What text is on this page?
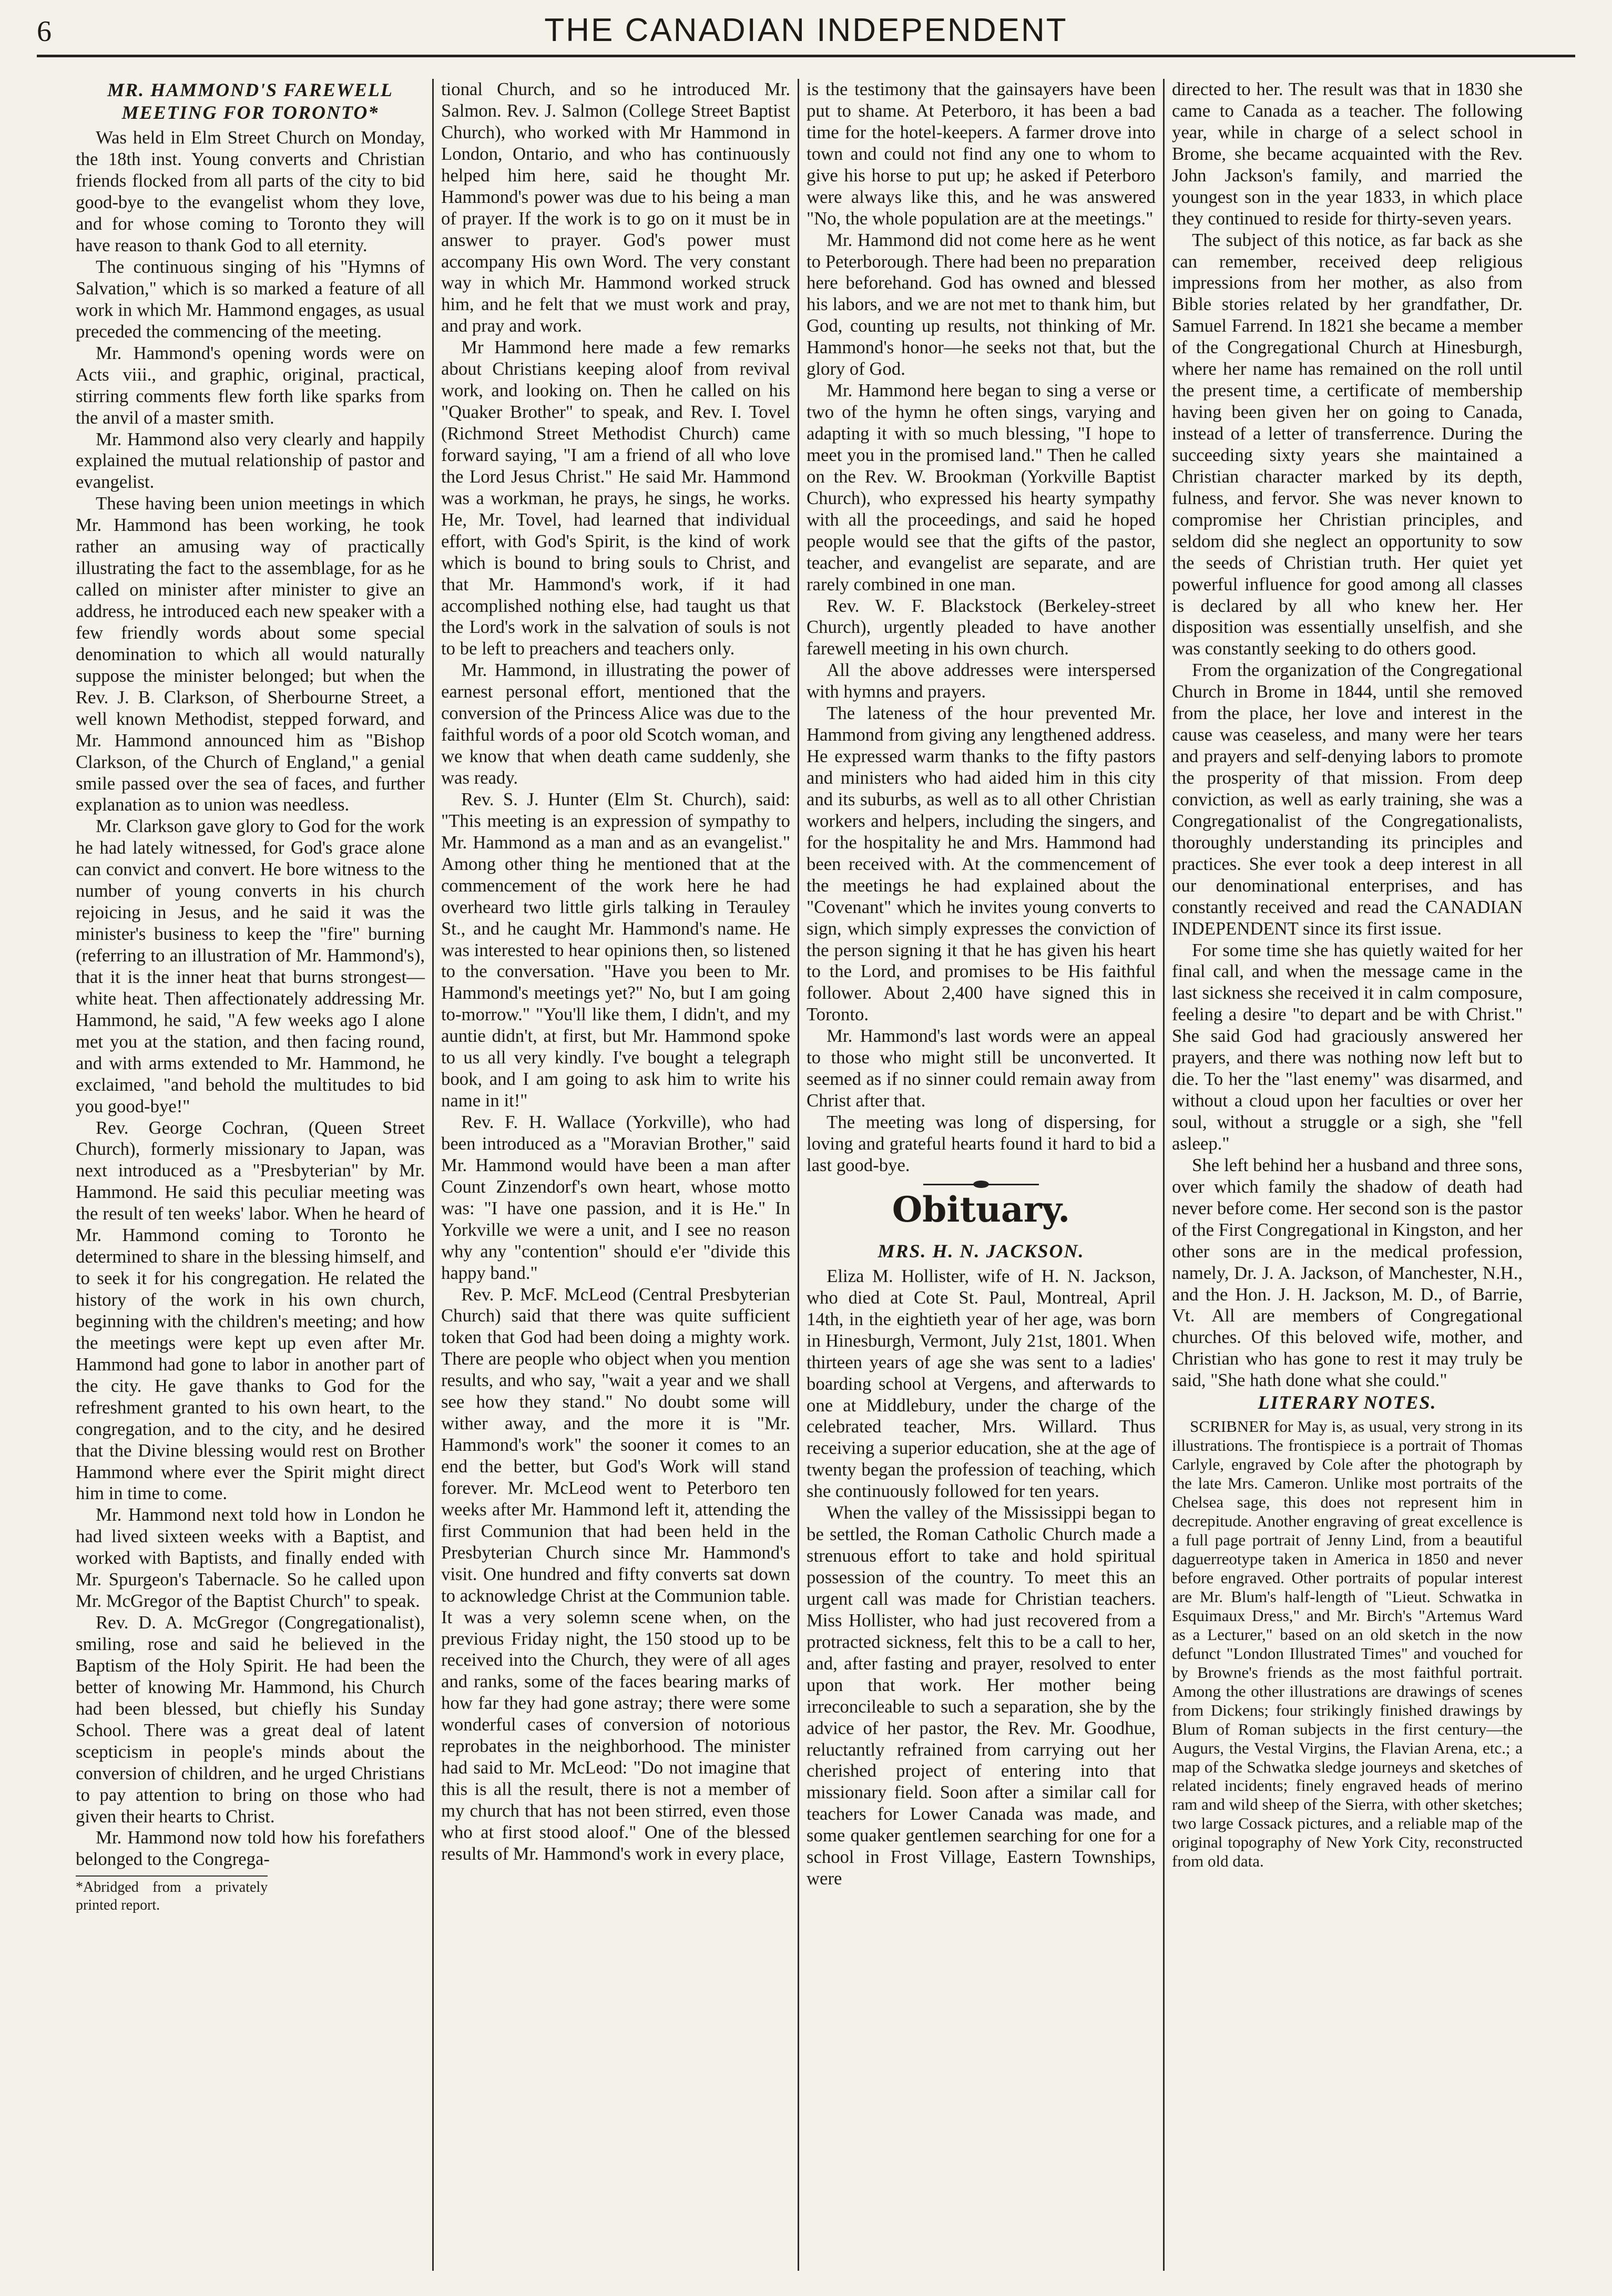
6	THE CANADIAN INDEPENDENT
MR. HAMMOND'S FAREWELL MEETING FOR TORONTO*

Was held in Elm Street Church on Monday, the 18th inst. Young converts and Christian friends flocked from all parts of the city to bid good-bye to the evangelist whom they love, and for whose coming to Toronto they will have reason to thank God to all eternity.

The continuous singing of his "Hymns of Salvation," which is so marked a feature of all work in which Mr. Hammond engages, as usual preceded the commencing of the meeting.

Mr. Hammond's opening words were on Acts viii., and graphic, original, practical, stirring comments flew forth like sparks from the anvil of a master smith.

Mr. Hammond also very clearly and happily explained the mutual relationship of pastor and evangelist.

These having been union meetings in which Mr. Hammond has been working, he took rather an amusing way of practically illustrating the fact to the assemblage, for as he called on minister after minister to give an address, he introduced each new speaker with a few friendly words about some special denomination to which all would naturally suppose the minister belonged; but when the Rev. J. B. Clarkson, of Sherbourne Street, a well known Methodist, stepped forward, and Mr. Hammond announced him as "Bishop Clarkson, of the Church of England," a genial smile passed over the sea of faces, and further explanation as to union was needless.

Mr. Clarkson gave glory to God for the work he had lately witnessed, for God's grace alone can convict and convert. He bore witness to the number of young converts in his church rejoicing in Jesus, and he said it was the minister's business to keep the "fire" burning (referring to an illustration of Mr. Hammond's), that it is the inner heat that burns strongest—white heat. Then affectionately addressing Mr. Hammond, he said, "A few weeks ago I alone met you at the station, and then facing round, and with arms extended to Mr. Hammond, he exclaimed, "and behold the multitudes to bid you good-bye!"

Rev. George Cochran, (Queen Street Church), formerly missionary to Japan, was next introduced as a "Presbyterian" by Mr. Hammond. He said this peculiar meeting was the result of ten weeks' labor. When he heard of Mr. Hammond coming to Toronto he determined to share in the blessing himself, and to seek it for his congregation. He related the history of the work in his own church, beginning with the children's meeting; and how the meetings were kept up even after Mr. Hammond had gone to labor in another part of the city. He gave thanks to God for the refreshment granted to his own heart, to the congregation, and to the city, and he desired that the Divine blessing would rest on Brother Hammond where ever the Spirit might direct him in time to come.

Mr. Hammond next told how in London he had lived sixteen weeks with a Baptist, and worked with Baptists, and finally ended with Mr. Spurgeon's Tabernacle. So he called upon Mr. McGregor of the Baptist Church" to speak.

Rev. D. A. McGregor (Congregationalist), smiling, rose and said he believed in the Baptism of the Holy Spirit. He had been the better of knowing Mr. Hammond, his Church had been blessed, but chiefly his Sunday School. There was a great deal of latent scepticism in people's minds about the conversion of children, and he urged Christians to pay attention to bring on those who had given their hearts to Christ.

Mr. Hammond now told how his forefathers belonged to the Congrega-

*Abridged from a privately printed report.

tional Church, and so he introduced Mr. Salmon. Rev. J. Salmon (College Street Baptist Church), who worked with Mr Hammond in London, Ontario, and who has continuously helped him here, said he thought Mr. Hammond's power was due to his being a man of prayer. If the work is to go on it must be in answer to prayer. God's power must accompany His own Word. The very constant way in which Mr. Hammond worked struck him, and he felt that we must work and pray, and pray and work.

Mr Hammond here made a few remarks about Christians keeping aloof from revival work, and looking on. Then he called on his "Quaker Brother" to speak, and Rev. I. Tovel (Richmond Street Methodist Church) came forward saying, "I am a friend of all who love the Lord Jesus Christ." He said Mr. Hammond was a workman, he prays, he sings, he works. He, Mr. Tovel, had learned that individual effort, with God's Spirit, is the kind of work which is bound to bring souls to Christ, and that Mr. Hammond's work, if it had accomplished nothing else, had taught us that the Lord's work in the salvation of souls is not to be left to preachers and teachers only.

Mr. Hammond, in illustrating the power of earnest personal effort, mentioned that the conversion of the Princess Alice was due to the faithful words of a poor old Scotch woman, and we know that when death came suddenly, she was ready.

Rev. S. J. Hunter (Elm St. Church), said: "This meeting is an expression of sympathy to Mr. Hammond as a man and as an evangelist." Among other thing he mentioned that at the commencement of the work here he had overheard two little girls talking in Terauley St., and he caught Mr. Hammond's name. He was interested to hear opinions then, so listened to the conversation. "Have you been to Mr. Hammond's meetings yet?" No, but I am going to-morrow." "You'll like them, I didn't, and my auntie didn't, at first, but Mr. Hammond spoke to us all very kindly. I've bought a telegraph book, and I am going to ask him to write his name in it!"

Rev. F. H. Wallace (Yorkville), who had been introduced as a "Moravian Brother," said Mr. Hammond would have been a man after Count Zinzendorf's own heart, whose motto was: "I have one passion, and it is He." In Yorkville we were a unit, and I see no reason why any "contention" should e'er "divide this happy band."

Rev. P. McF. McLeod (Central Presbyterian Church) said that there was quite sufficient token that God had been doing a mighty work. There are people who object when you mention results, and who say, "wait a year and we shall see how they stand." No doubt some will wither away, and the more it is "Mr. Hammond's work" the sooner it comes to an end the better, but God's Work will stand forever. Mr. McLeod went to Peterboro ten weeks after Mr. Hammond left it, attending the first Communion that had been held in the Presbyterian Church since Mr. Hammond's visit. One hundred and fifty converts sat down to acknowledge Christ at the Communion table. It was a very solemn scene when, on the previous Friday night, the 150 stood up to be received into the Church, they were of all ages and ranks, some of the faces bearing marks of how far they had gone astray; there were some wonderful cases of conversion of notorious reprobates in the neighborhood. The minister had said to Mr. McLeod: "Do not imagine that this is all the result, there is not a member of my church that has not been stirred, even those who at first stood aloof." One of the blessed results of Mr. Hammond's work in every place,

is the testimony that the gainsayers have been put to shame. At Peterboro, it has been a bad time for the hotel-keepers. A farmer drove into town and could not find any one to whom to give his horse to put up; he asked if Peterboro were always like this, and he was answered "No, the whole population are at the meetings."

Mr. Hammond did not come here as he went to Peterborough. There had been no preparation here beforehand. God has owned and blessed his labors, and we are not met to thank him, but God, counting up results, not thinking of Mr. Hammond's honor—he seeks not that, but the glory of God.

Mr. Hammond here began to sing a verse or two of the hymn he often sings, varying and adapting it with so much blessing, "I hope to meet you in the promised land." Then he called on the Rev. W. Brookman (Yorkville Baptist Church), who expressed his hearty sympathy with all the proceedings, and said he hoped people would see that the gifts of the pastor, teacher, and evangelist are separate, and are rarely combined in one man.

Rev. W. F. Blackstock (Berkeley-street Church), urgently pleaded to have another farewell meeting in his own church.

All the above addresses were interspersed with hymns and prayers.

The lateness of the hour prevented Mr. Hammond from giving any lengthened address. He expressed warm thanks to the fifty pastors and ministers who had aided him in this city and its suburbs, as well as to all other Christian workers and helpers, including the singers, and for the hospitality he and Mrs. Hammond had been received with. At the commencement of the meetings he had explained about the "Covenant" which he invites young converts to sign, which simply expresses the conviction of the person signing it that he has given his heart to the Lord, and promises to be His faithful follower. About 2,400 have signed this in Toronto.

Mr. Hammond's last words were an appeal to those who might still be unconverted. It seemed as if no sinner could remain away from Christ after that.

The meeting was long of dispersing, for loving and grateful hearts found it hard to bid a last good-bye.

Obituary.
MRS. H. N. JACKSON.

Eliza M. Hollister, wife of H. N. Jackson, who died at Cote St. Paul, Montreal, April 14th, in the eightieth year of her age, was born in Hinesburgh, Vermont, July 21st, 1801. When thirteen years of age she was sent to a ladies' boarding school at Vergens, and afterwards to one at Middlebury, under the charge of the celebrated teacher, Mrs. Willard. Thus receiving a superior education, she at the age of twenty began the profession of teaching, which she continuously followed for ten years.

When the valley of the Mississippi began to be settled, the Roman Catholic Church made a strenuous effort to take and hold spiritual possession of the country. To meet this an urgent call was made for Christian teachers. Miss Hollister, who had just recovered from a protracted sickness, felt this to be a call to her, and, after fasting and prayer, resolved to enter upon that work. Her mother being irreconcileable to such a separation, she by the advice of her pastor, the Rev. Mr. Goodhue, reluctantly refrained from carrying out her cherished project of entering into that missionary field. Soon after a similar call for teachers for Lower Canada was made, and some quaker gentlemen searching for one for a school in Frost Village, Eastern Townships, were

directed to her. The result was that in 1830 she came to Canada as a teacher. The following year, while in charge of a select school in Brome, she became acquainted with the Rev. John Jackson's family, and married the youngest son in the year 1833, in which place they continued to reside for thirty-seven years.

The subject of this notice, as far back as she can remember, received deep religious impressions from her mother, as also from Bible stories related by her grandfather, Dr. Samuel Farrend. In 1821 she became a member of the Congregational Church at Hinesburgh, where her name has remained on the roll until the present time, a certificate of membership having been given her on going to Canada, instead of a letter of transferrence. During the succeeding sixty years she maintained a Christian character marked by its depth, fulness, and fervor. She was never known to compromise her Christian principles, and seldom did she neglect an opportunity to sow the seeds of Christian truth. Her quiet yet powerful influence for good among all classes is declared by all who knew her. Her disposition was essentially unselfish, and she was constantly seeking to do others good.

From the organization of the Congregational Church in Brome in 1844, until she removed from the place, her love and interest in the cause was ceaseless, and many were her tears and prayers and self-denying labors to promote the prosperity of that mission. From deep conviction, as well as early training, she was a Congregationalist of the Congregationalists, thoroughly understanding its principles and practices. She ever took a deep interest in all our denominational enterprises, and has constantly received and read the CANADIAN INDEPENDENT since its first issue.

For some time she has quietly waited for her final call, and when the message came in the last sickness she received it in calm composure, feeling a desire "to depart and be with Christ." She said God had graciously answered her prayers, and there was nothing now left but to die. To her the "last enemy" was disarmed, and without a cloud upon her faculties or over her soul, without a struggle or a sigh, she "fell asleep."

She left behind her a husband and three sons, over which family the shadow of death had never before come. Her second son is the pastor of the First Congregational in Kingston, and her other sons are in the medical profession, namely, Dr. J. A. Jackson, of Manchester, N.H., and the Hon. J. H. Jackson, M. D., of Barrie, Vt. All are members of Congregational churches. Of this beloved wife, mother, and Christian who has gone to rest it may truly be said, "She hath done what she could."

LITERARY NOTES.

SCRIBNER for May is, as usual, very strong in its illustrations. The frontispiece is a portrait of Thomas Carlyle, engraved by Cole after the photograph by the late Mrs. Cameron. Unlike most portraits of the Chelsea sage, this does not represent him in decrepitude. Another engraving of great excellence is a full page portrait of Jenny Lind, from a beautiful daguerreotype taken in America in 1850 and never before engraved. Other portraits of popular interest are Mr. Blum's half-length of "Lieut. Schwatka in Esquimaux Dress," and Mr. Birch's "Artemus Ward as a Lecturer," based on an old sketch in the now defunct "London Illustrated Times" and vouched for by Browne's friends as the most faithful portrait. Among the other illustrations are drawings of scenes from Dickens; four strikingly finished drawings by Blum of Roman subjects in the first century—the Augurs, the Vestal Virgins, the Flavian Arena, etc.; a map of the Schwatka sledge journeys and sketches of related incidents; finely engraved heads of merino ram and wild sheep of the Sierra, with other sketches; two large Cossack pictures, and a reliable map of the original topography of New York City, reconstructed from old data.
